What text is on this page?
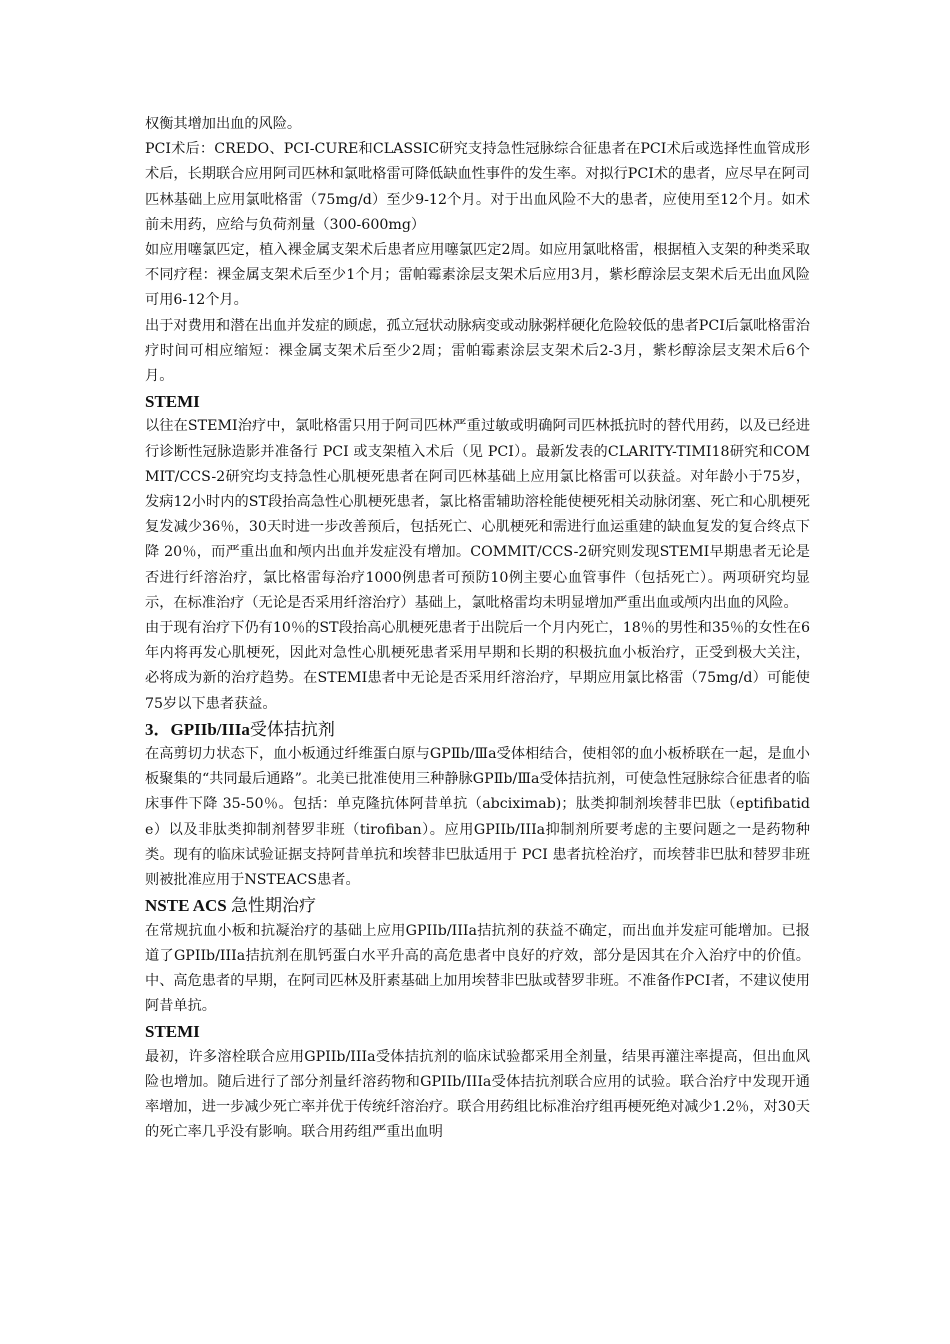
权衡其增加出血的风险。

PCI术后：CREDO、PCI-CURE和CLASSIC研究支持急性冠脉综合征患者在PCI术后或选择性血管成形术后，长期联合应用阿司匹林和氯吡格雷可降低缺血性事件的发生率。对拟行PCI术的患者，应尽早在阿司匹林基础上应用氯吡格雷（75mg/d）至少9-12个月。对于出血风险不大的患者，应使用至12个月。如术前未用药，应给与负荷剂量（300-600mg）

如应用噻氯匹定，植入裸金属支架术后患者应用噻氯匹定2周。如应用氯吡格雷，根据植入支架的种类采取不同疗程：裸金属支架术后至少1个月；雷帕霉素涂层支架术后应用3月，紫杉醇涂层支架术后无出血风险可用6-12个月。

出于对费用和潜在出血并发症的顾虑，孤立冠状动脉病变或动脉粥样硬化危险较低的患者PCI后氯吡格雷治疗时间可相应缩短：裸金属支架术后至少2周；雷帕霉素涂层支架术后2-3月，紫杉醇涂层支架术后6个月。

STEMI

以往在STEMI治疗中，氯吡格雷只用于阿司匹林严重过敏或明确阿司匹林抵抗时的替代用药，以及已经进行诊断性冠脉造影并准备行 PCI 或支架植入术后（见 PCI）。最新发表的CLARITY-TIMI18研究和COMMIT/CCS-2研究均支持急性心肌梗死患者在阿司匹林基础上应用氯比格雷可以获益。对年龄小于75岁，发病12小时内的ST段抬高急性心肌梗死患者，氯比格雷辅助溶栓能使梗死相关动脉闭塞、死亡和心肌梗死复发减少36％，30天时进一步改善预后，包括死亡、心肌梗死和需进行血运重建的缺血复发的复合终点下降 20％，而严重出血和颅内出血并发症没有增加。COMMIT/CCS-2研究则发现STEMI早期患者无论是否进行纤溶治疗，氯比格雷每治疗1000例患者可预防10例主要心血管事件（包括死亡）。两项研究均显示，在标准治疗（无论是否采用纤溶治疗）基础上，氯吡格雷均未明显增加严重出血或颅内出血的风险。

由于现有治疗下仍有10％的ST段抬高心肌梗死患者于出院后一个月内死亡，18％的男性和35％的女性在6年内将再发心肌梗死，因此对急性心肌梗死患者采用早期和长期的积极抗血小板治疗，正受到极大关注，必将成为新的治疗趋势。在STEMI患者中无论是否采用纤溶治疗，早期应用氯比格雷（75mg/d）可能使75岁以下患者获益。

3．GPIIb/IIIa受体拮抗剂

在高剪切力状态下，血小板通过纤维蛋白原与GPⅡb/Ⅲa受体相结合，使相邻的血小板桥联在一起，是血小板聚集的“共同最后通路”。北美已批准使用三种静脉GPⅡb/Ⅲa受体拮抗剂，可使急性冠脉综合征患者的临床事件下降 35-50％。包括：单克隆抗体阿昔单抗（abciximab)；肽类抑制剂埃替非巴肽（eptifibatide）以及非肽类抑制剂替罗非班（tirofiban）。应用GPIIb/IIIa抑制剂所要考虑的主要问题之一是药物种类。现有的临床试验证据支持阿昔单抗和埃替非巴肽适用于 PCI 患者抗栓治疗，而埃替非巴肽和替罗非班则被批准应用于NSTEACS患者。

NSTE ACS 急性期治疗

在常规抗血小板和抗凝治疗的基础上应用GPIIb/IIIa拮抗剂的获益不确定，而出血并发症可能增加。已报道了GPIIb/IIIa拮抗剂在肌钙蛋白水平升高的高危患者中良好的疗效，部分是因其在介入治疗中的价值。中、高危患者的早期，在阿司匹林及肝素基础上加用埃替非巴肽或替罗非班。不准备作PCI者，不建议使用阿昔单抗。

STEMI

最初，许多溶栓联合应用GPIIb/IIIa受体拮抗剂的临床试验都采用全剂量，结果再灌注率提高，但出血风险也增加。随后进行了部分剂量纤溶药物和GPIIb/IIIa受体拮抗剂联合应用的试验。联合治疗中发现开通率增加，进一步减少死亡率并优于传统纤溶治疗。联合用药组比标准治疗组再梗死绝对减少1.2％，对30天的死亡率几乎没有影响。联合用药组严重出血明
